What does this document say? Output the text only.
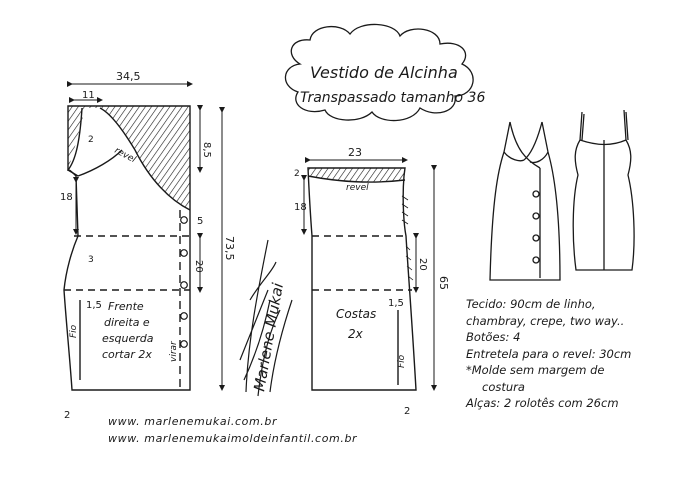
Vestido de Alcinha
Transpassado tamanho 36
34,5
11
8,5
18
5
2
73,5
20
1,5
3
2
revel
Fio
virar
Frente
direita e
esquerda
cortar 2x	Marlene Mukai
23
2
18
20
65
1,5
2
revel
Fio
Costas
2x
Tecido: 90cm de linho,
chambray, crepe, two way..
Botões: 4
Entretela para o revel: 30cm
*Molde sem margem de
costura
Alças: 2 rolotês com 26cm
www. marlenemukai.com.br
www. marlenemukaimoldeinfantil.com.br
